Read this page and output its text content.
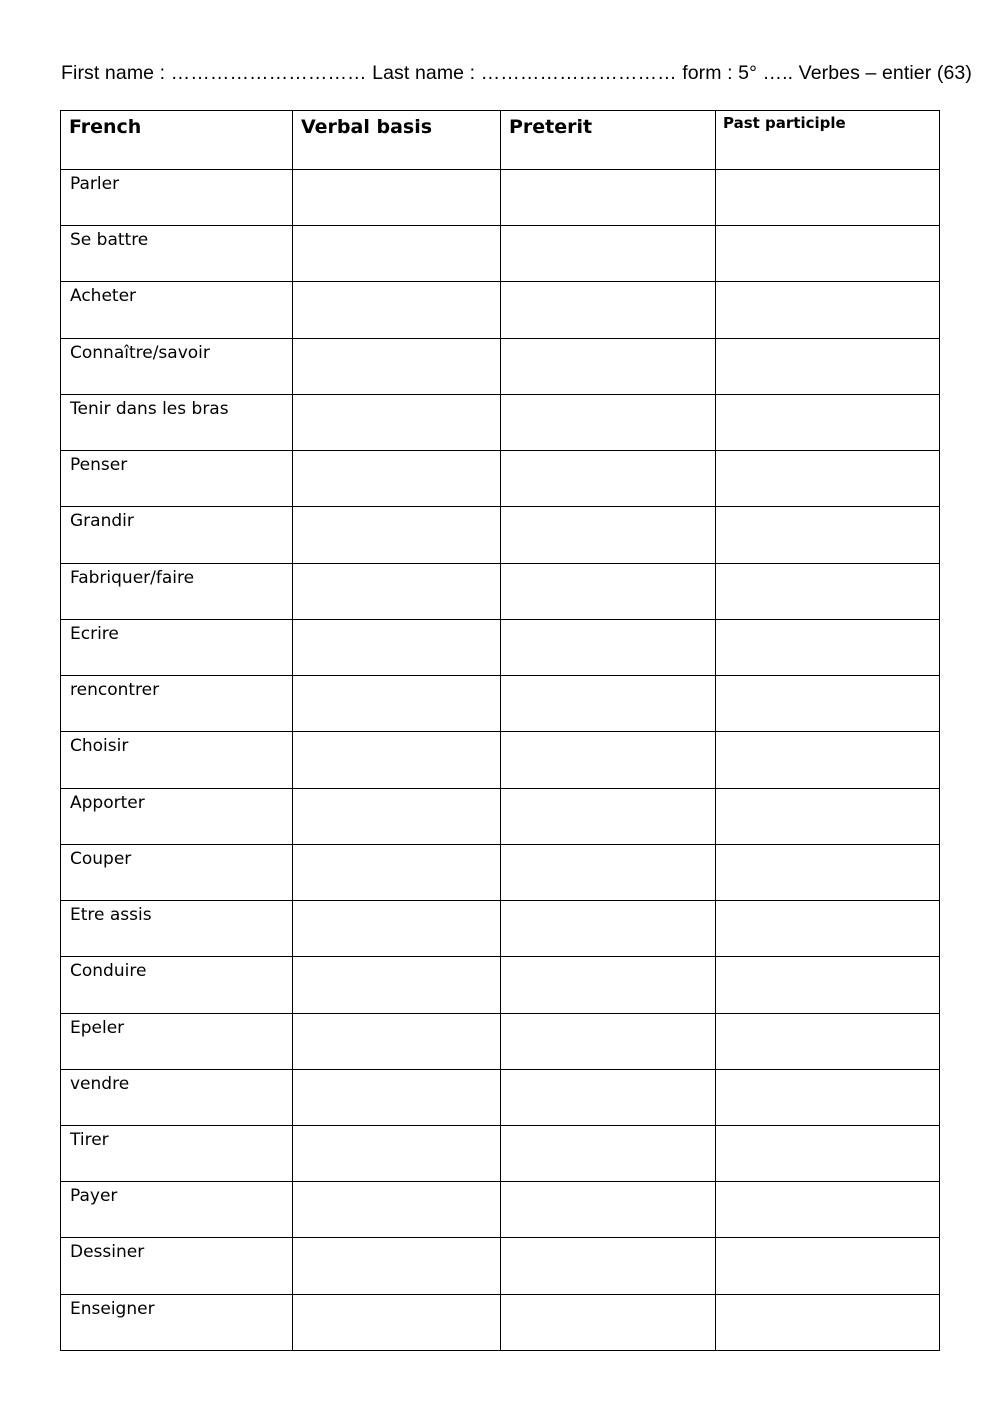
First name : ………………………… Last name : ………………………… form : 5° ….. Verbes – entier (63)
French	Verbal basis	Preterit	Past participle

Parler			

Se battre			

Acheter			

Connaître/savoir			

Tenir dans les bras			

Penser			

Grandir			

Fabriquer/faire			

Ecrire			

rencontrer			

Choisir			

Apporter			

Couper			

Etre assis			

Conduire			

Epeler			

vendre			

Tirer			

Payer			

Dessiner			

Enseigner			
